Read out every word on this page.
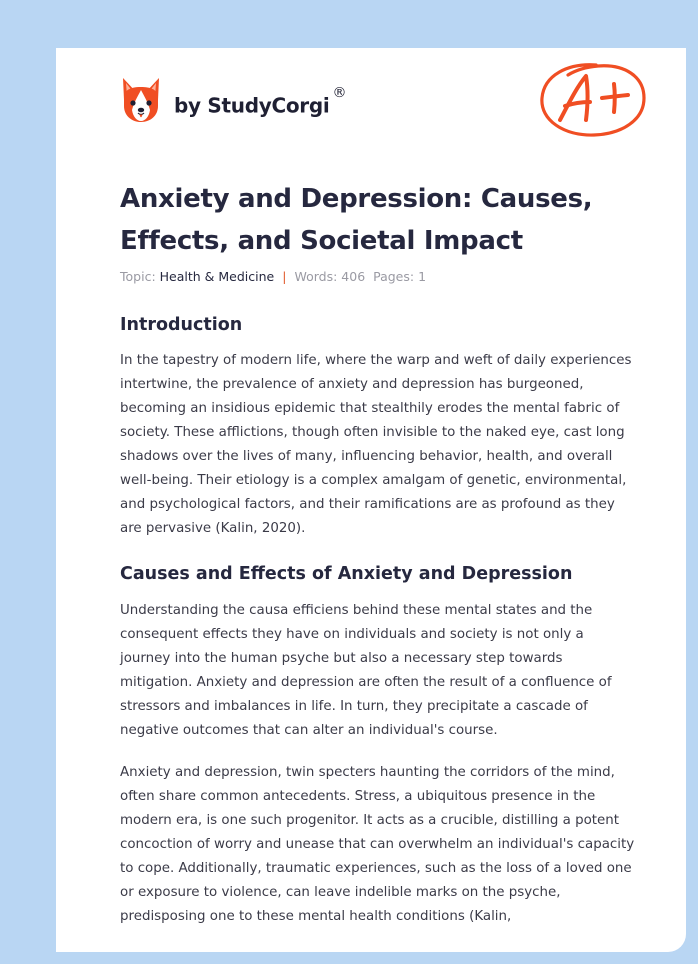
by StudyCorgi®
Anxiety and Depression: Causes, Effects, and Societal Impact
Topic: Health & Medicine | Words: 406 Pages: 1
Introduction

In the tapestry of modern life, where the warp and weft of daily experiences intertwine, the prevalence of anxiety and depression has burgeoned, becoming an insidious epidemic that stealthily erodes the mental fabric of society. These afflictions, though often invisible to the naked eye, cast long shadows over the lives of many, influencing behavior, health, and overall well-being. Their etiology is a complex amalgam of genetic, environmental, and psychological factors, and their ramifications are as profound as they are pervasive (Kalin, 2020).

Causes and Effects of Anxiety and Depression

Understanding the causa efficiens behind these mental states and the consequent effects they have on individuals and society is not only a journey into the human psyche but also a necessary step towards mitigation. Anxiety and depression are often the result of a confluence of stressors and imbalances in life. In turn, they precipitate a cascade of negative outcomes that can alter an individual's course.

Anxiety and depression, twin specters haunting the corridors of the mind, often share common antecedents. Stress, a ubiquitous presence in the modern era, is one such progenitor. It acts as a crucible, distilling a potent concoction of worry and unease that can overwhelm an individual's capacity to cope. Additionally, traumatic experiences, such as the loss of a loved one or exposure to violence, can leave indelible marks on the psyche, predisposing one to these mental health conditions (Kalin,
